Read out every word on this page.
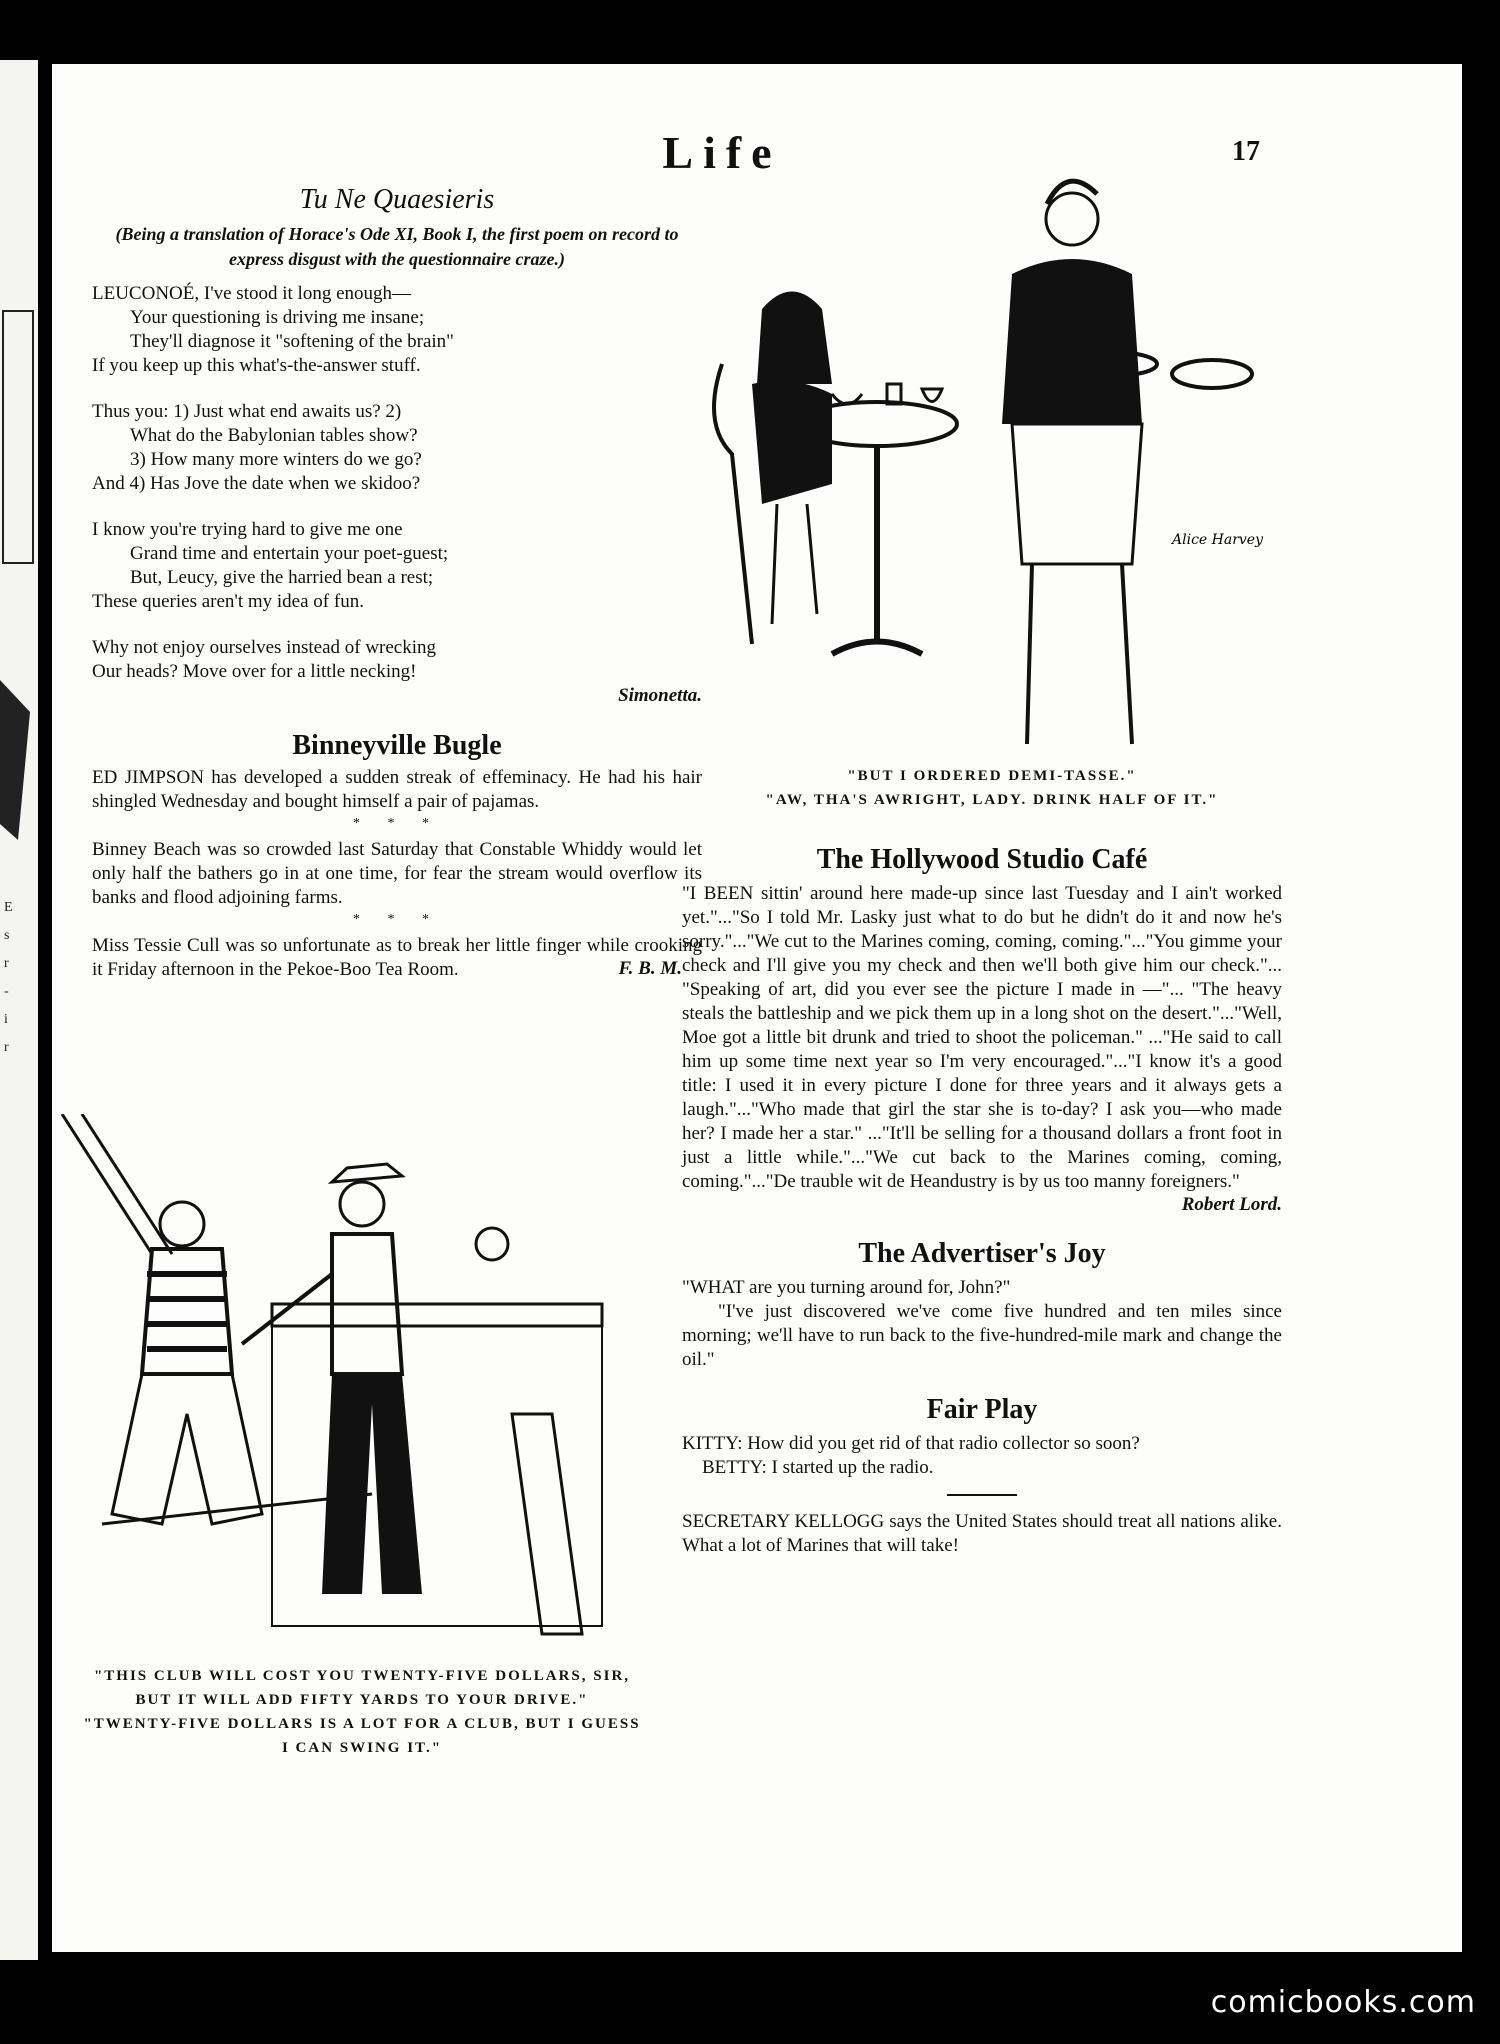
E
s
r
-
i
r
Life	17
Tu Ne Quaesieris
(Being a translation of Horace's Ode XI, Book I, the first poem on record to express disgust with the questionnaire craze.)

LEUCONOÉ, I've stood it long enough—
Your questioning is driving me insane;
They'll diagnose it "softening of the brain"
If you keep up this what's-the-answer stuff.

Thus you: 1) Just what end awaits us? 2)
What do the Babylonian tables show?
3) How many more winters do we go?
And 4) Has Jove the date when we skidoo?

I know you're trying hard to give me one
Grand time and entertain your poet-guest;
But, Leucy, give the harried bean a rest;
These queries aren't my idea of fun.

Why not enjoy ourselves instead of wrecking
Our heads? Move over for a little necking!

Simonetta.
Binneyville Bugle

ED JIMPSON has developed a sudden streak of effeminacy. He had his hair shingled Wednesday and bought himself a pair of pajamas.

* * *

Binney Beach was so crowded last Saturday that Constable Whiddy would let only half the bathers go in at one time, for fear the stream would overflow its banks and flood adjoining farms.

* * *

Miss Tessie Cull was so unfortunate as to break her little finger while crooking it Friday afternoon in the Pekoe-Boo Tea Room.	F. B. M.
Alice Harvey
"BUT I ORDERED DEMI-TASSE."
"AW, THA'S AWRIGHT, LADY. DRINK HALF OF IT."
"THIS CLUB WILL COST YOU TWENTY-FIVE DOLLARS, SIR,
BUT IT WILL ADD FIFTY YARDS TO YOUR DRIVE."
"TWENTY-FIVE DOLLARS IS A LOT FOR A CLUB, BUT I GUESS
I CAN SWING IT."
The Hollywood Studio Café

"I BEEN sittin' around here made-up since last Tuesday and I ain't worked yet."..."So I told Mr. Lasky just what to do but he didn't do it and now he's sorry."..."We cut to the Marines coming, coming, coming."..."You gimme your check and I'll give you my check and then we'll both give him our check."... "Speaking of art, did you ever see the picture I made in —"... "The heavy steals the battleship and we pick them up in a long shot on the desert."..."Well, Moe got a little bit drunk and tried to shoot the policeman." ..."He said to call him up some time next year so I'm very encouraged."..."I know it's a good title: I used it in every picture I done for three years and it always gets a laugh."..."Who made that girl the star she is to-day? I ask you—who made her? I made her a star." ..."It'll be selling for a thousand dollars a front foot in just a little while."..."We cut back to the Marines coming, coming, coming."..."De trauble wit de Heandustry is by us too manny foreigners."

Robert Lord.
The Advertiser's Joy

"WHAT are you turning around for, John?"

"I've just discovered we've come five hundred and ten miles since morning; we'll have to run back to the five-hundred-mile mark and change the oil."

Fair Play

KITTY: How did you get rid of that radio collector so soon?

BETTY: I started up the radio.

SECRETARY KELLOGG says the United States should treat all nations alike. What a lot of Marines that will take!

comicbooks.com
